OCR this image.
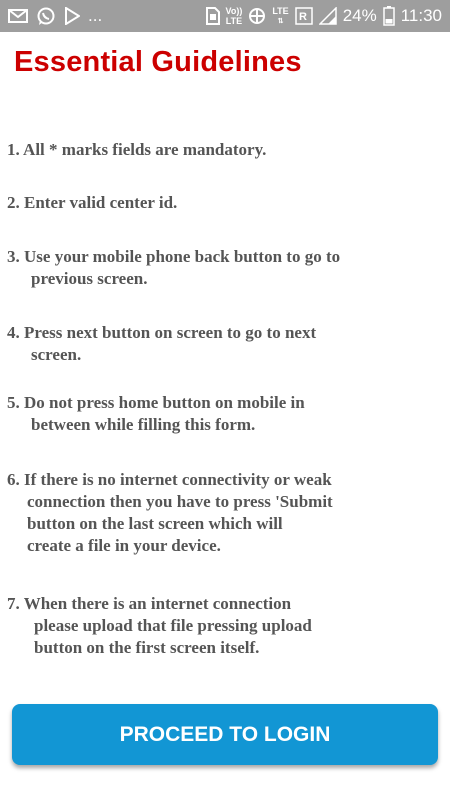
...	Vo))
LTE
LTE
⇅	R 24% 11:30
Essential Guidelines
1. All * marks fields are mandatory.
2. Enter valid center id.
3. Use your mobile phone back button to go to
previous screen.
4. Press next button on screen to go to next
screen.
5. Do not press home button on mobile in
between while filling this form.
6. If there is no internet connectivity or weak
connection then you have to press 'Submit
button on the last screen which will
create a file in your device.
7. When there is an internet connection
please upload that file pressing upload
button on the first screen itself.
PROCEED TO LOGIN
